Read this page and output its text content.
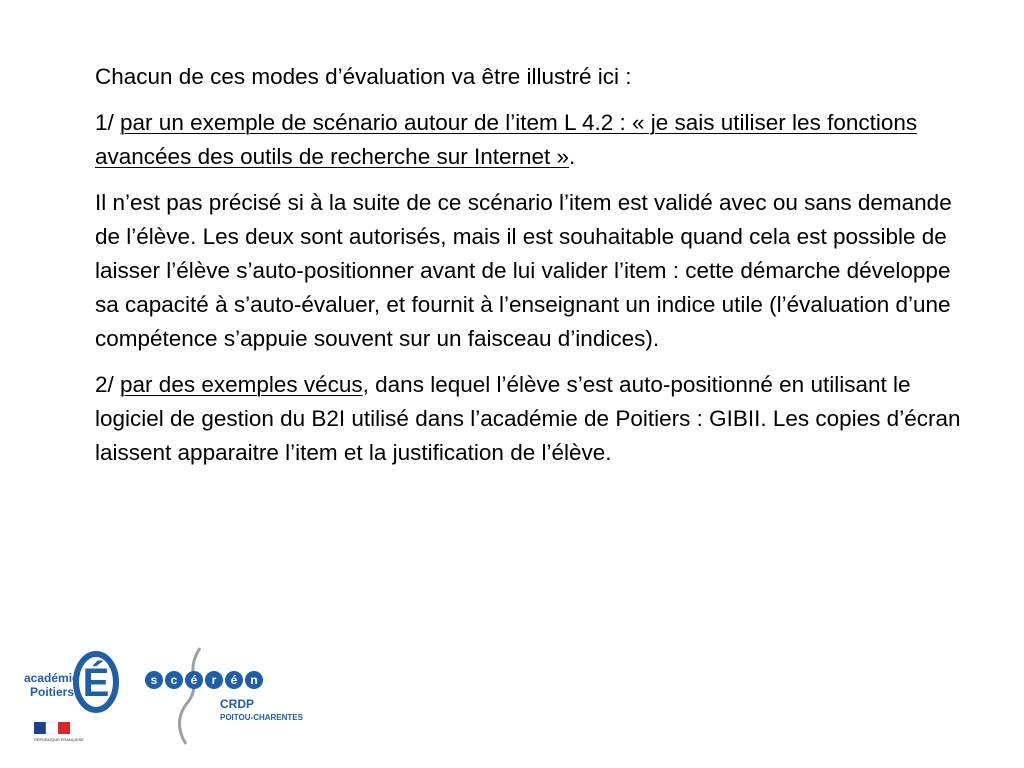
Chacun de ces modes d’évaluation va être illustré ici :

1/ par un exemple de scénario autour de l’item L 4.2 : « je sais utiliser les fonctions avancées des outils de recherche sur Internet ».

Il n’est pas précisé si à la suite de ce scénario l’item est validé avec ou sans demande de l’élève. Les deux sont autorisés, mais il est souhaitable quand cela est possible de laisser l’élève s’auto-positionner avant de lui valider l’item : cette démarche développe sa capacité à s’auto-évaluer, et fournit à l’enseignant un indice utile (l’évaluation d’une compétence s’appuie souvent sur un faisceau d’indices).

2/ par des exemples vécus, dans lequel l’élève s’est auto-positionné en utilisant le logiciel de gestion du B2I utilisé dans l’académie de Poitiers : GIBII. Les copies d’écran laissent apparaitre l’item et la justification de l’élève.

É
académie
Poitiers
RÉPUBLIQUE FRANÇAISE
s c é r é n
CRDP
POITOU-CHARENTES
